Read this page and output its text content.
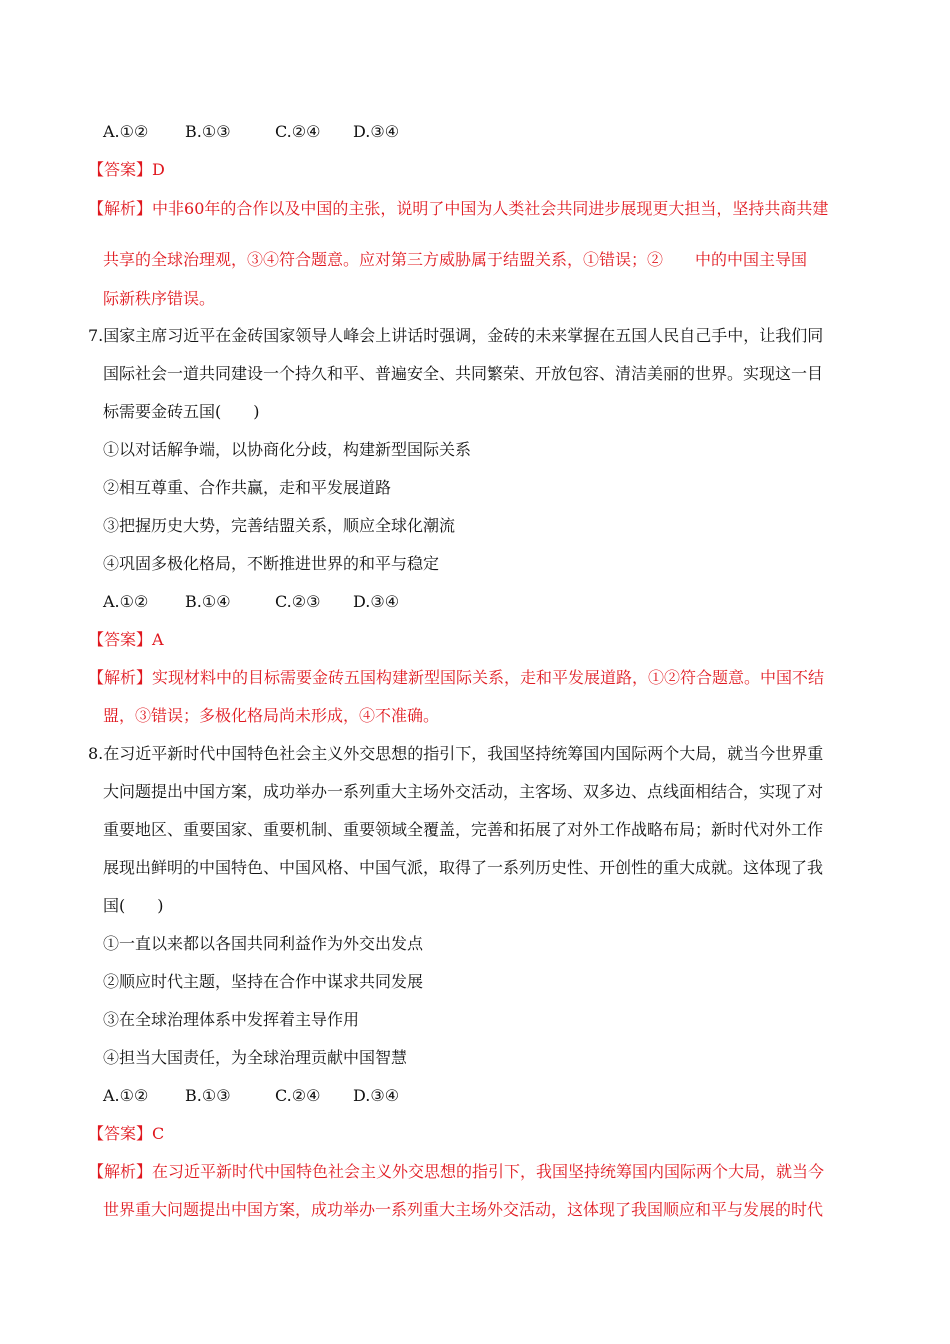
A.①② B.①③	C.②④ D.③④
【答案】D
【解析】中非60年的合作以及中国的主张，说明了中国为人类社会共同进步展现更大担当，坚持共商共建
共享的全球治理观，③④符合题意。应对第三方威胁属于结盟关系，①错误；②　　中的中国主导国
际新秩序错误。
7.国家主席习近平在金砖国家领导人峰会上讲话时强调，金砖的未来掌握在五国人民自己手中，让我们同
国际社会一道共同建设一个持久和平、普遍安全、共同繁荣、开放包容、清洁美丽的世界。实现这一目
标需要金砖五国(　　)
①以对话解争端，以协商化分歧，构建新型国际关系
②相互尊重、合作共赢，走和平发展道路
③把握历史大势，完善结盟关系，顺应全球化潮流
④巩固多极化格局，不断推进世界的和平与稳定
A.①② B.①④	C.②③ D.③④
【答案】A
【解析】实现材料中的目标需要金砖五国构建新型国际关系，走和平发展道路，①②符合题意。中国不结
盟，③错误；多极化格局尚未形成，④不准确。
8.在习近平新时代中国特色社会主义外交思想的指引下，我国坚持统筹国内国际两个大局，就当今世界重
大问题提出中国方案，成功举办一系列重大主场外交活动，主客场、双多边、点线面相结合，实现了对
重要地区、重要国家、重要机制、重要领域全覆盖，完善和拓展了对外工作战略布局；新时代对外工作
展现出鲜明的中国特色、中国风格、中国气派，取得了一系列历史性、开创性的重大成就。这体现了我
国(　　)
①一直以来都以各国共同利益作为外交出发点
②顺应时代主题，坚持在合作中谋求共同发展
③在全球治理体系中发挥着主导作用
④担当大国责任，为全球治理贡献中国智慧
A.①② B.①③	C.②④ D.③④
【答案】C
【解析】在习近平新时代中国特色社会主义外交思想的指引下，我国坚持统筹国内国际两个大局，就当今
世界重大问题提出中国方案，成功举办一系列重大主场外交活动，这体现了我国顺应和平与发展的时代
